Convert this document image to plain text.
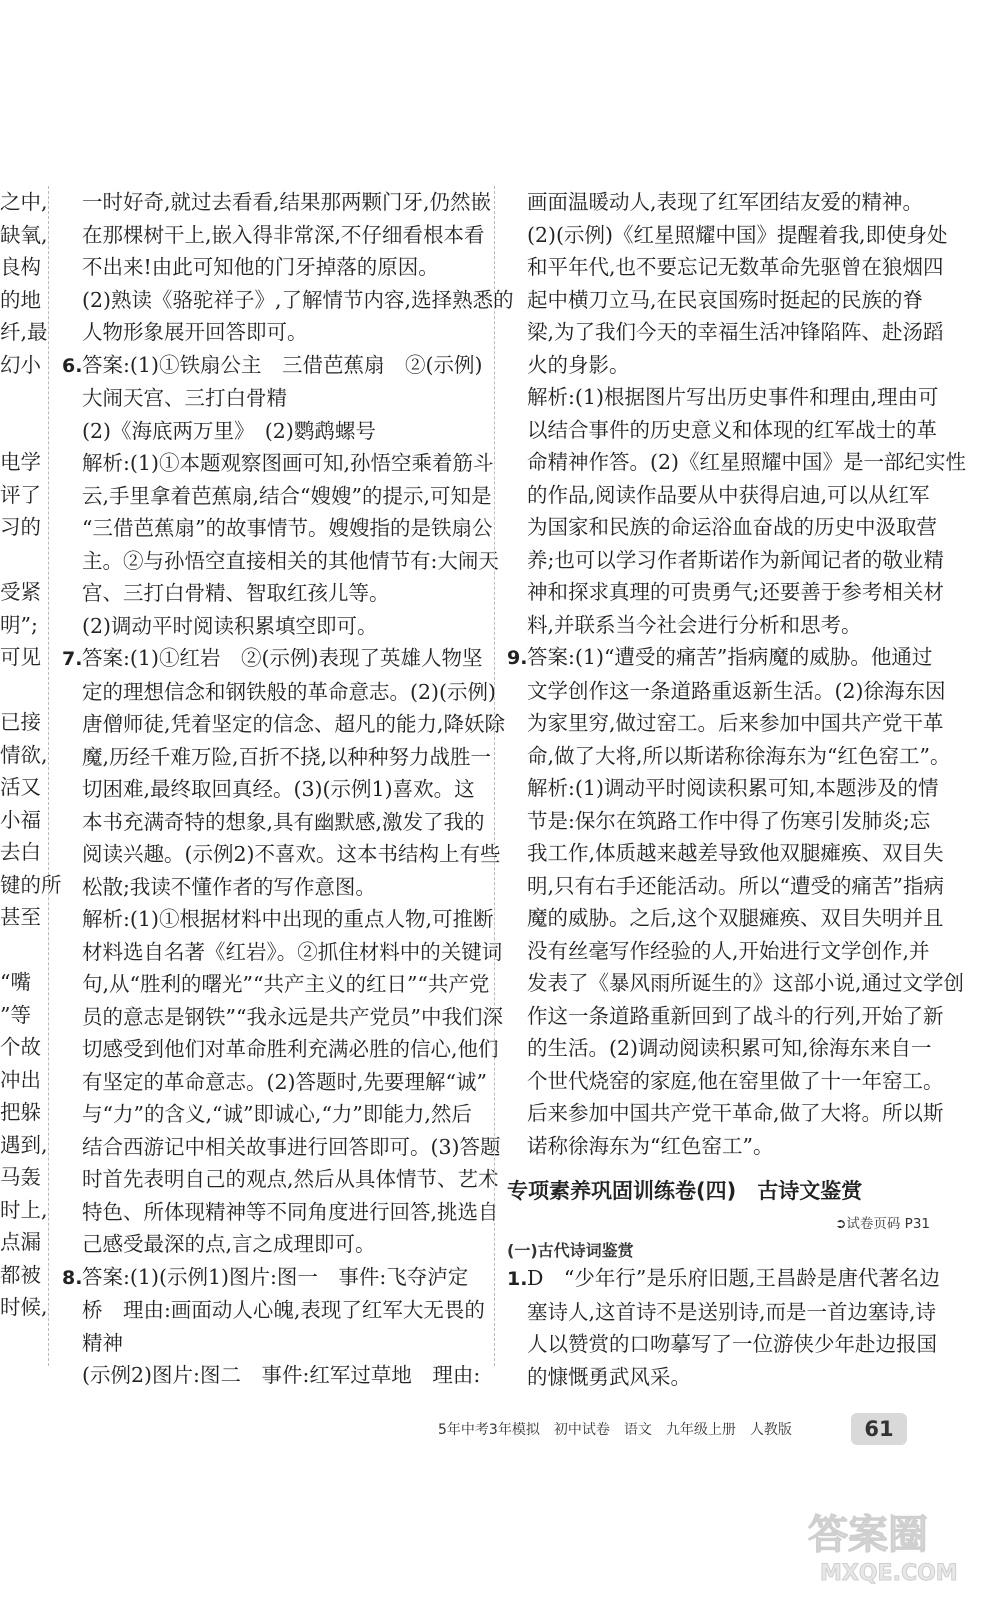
之中,

缺氧,

良构

的地

纤,最

幻小

电学

评了

习的

受紧

明”;

可见

已接

情欲,

活又

小福

去白

键的所

甚至

“嘴

”等

个故

冲出

把躲

遇到,

马轰

时上,

点漏

都被

时候,

一时好奇,就过去看看,结果那两颗门牙,仍然嵌

在那棵树干上,嵌入得非常深,不仔细看根本看

不出来!由此可知他的门牙掉落的原因。

(2)熟读《骆驼祥子》,了解情节内容,选择熟悉的

人物形象展开回答即可。

6.答案:(1)①铁扇公主　三借芭蕉扇　②(示例)

大闹天宫、三打白骨精

(2)《海底两万里》　(2)鹦鹉螺号

解析:(1)①本题观察图画可知,孙悟空乘着筋斗

云,手里拿着芭蕉扇,结合“嫂嫂”的提示,可知是

“三借芭蕉扇”的故事情节。嫂嫂指的是铁扇公

主。②与孙悟空直接相关的其他情节有:大闹天

宫、三打白骨精、智取红孩儿等。

(2)调动平时阅读积累填空即可。

7.答案:(1)①红岩　②(示例)表现了英雄人物坚

定的理想信念和钢铁般的革命意志。(2)(示例)

唐僧师徒,凭着坚定的信念、超凡的能力,降妖除

魔,历经千难万险,百折不挠,以种种努力战胜一

切困难,最终取回真经。(3)(示例1)喜欢。这

本书充满奇特的想象,具有幽默感,激发了我的

阅读兴趣。(示例2)不喜欢。这本书结构上有些

松散;我读不懂作者的写作意图。

解析:(1)①根据材料中出现的重点人物,可推断

材料选自名著《红岩》。②抓住材料中的关键词

句,从“胜利的曙光”“共产主义的红日”“共产党

员的意志是钢铁”“我永远是共产党员”中我们深

切感受到他们对革命胜利充满必胜的信心,他们

有坚定的革命意志。(2)答题时,先要理解“诚”

与“力”的含义,“诚”即诚心,“力”即能力,然后

结合西游记中相关故事进行回答即可。(3)答题

时首先表明自己的观点,然后从具体情节、艺术

特色、所体现精神等不同角度进行回答,挑选自

己感受最深的点,言之成理即可。

8.答案:(1)(示例1)图片:图一　事件:飞夺泸定

桥　理由:画面动人心魄,表现了红军大无畏的

精神

(示例2)图片:图二　事件:红军过草地　理由:

画面温暖动人,表现了红军团结友爱的精神。

(2)(示例)《红星照耀中国》提醒着我,即使身处

和平年代,也不要忘记无数革命先驱曾在狼烟四

起中横刀立马,在民哀国殇时挺起的民族的脊

梁,为了我们今天的幸福生活冲锋陷阵、赴汤蹈

火的身影。

解析:(1)根据图片写出历史事件和理由,理由可

以结合事件的历史意义和体现的红军战士的革

命精神作答。(2)《红星照耀中国》是一部纪实性

的作品,阅读作品要从中获得启迪,可以从红军

为国家和民族的命运浴血奋战的历史中汲取营

养;也可以学习作者斯诺作为新闻记者的敬业精

神和探求真理的可贵勇气;还要善于参考相关材

料,并联系当今社会进行分析和思考。

9.答案:(1)“遭受的痛苦”指病魔的威胁。他通过

文学创作这一条道路重返新生活。(2)徐海东因

为家里穷,做过窑工。后来参加中国共产党干革

命,做了大将,所以斯诺称徐海东为“红色窑工”。

解析:(1)调动平时阅读积累可知,本题涉及的情

节是:保尔在筑路工作中得了伤寒引发肺炎;忘

我工作,体质越来越差导致他双腿瘫痪、双目失

明,只有右手还能活动。所以“遭受的痛苦”指病

魔的威胁。之后,这个双腿瘫痪、双目失明并且

没有丝毫写作经验的人,开始进行文学创作,并

发表了《暴风雨所诞生的》这部小说,通过文学创

作这一条道路重新回到了战斗的行列,开始了新

的生活。(2)调动阅读积累可知,徐海东来自一

个世代烧窑的家庭,他在窑里做了十一年窑工。

后来参加中国共产党干革命,做了大将。所以斯

诺称徐海东为“红色窑工”。

专项素养巩固训练卷(四)　古诗文鉴赏
➲试卷页码 P31
(一)古代诗词鉴赏

1.D　“少年行”是乐府旧题,王昌龄是唐代著名边

塞诗人,这首诗不是送别诗,而是一首边塞诗,诗

人以赞赏的口吻摹写了一位游侠少年赴边报国

的慷慨勇武风采。

5年中考3年模拟　初中试卷　语文　九年级上册　人教版	61
答案圈
MXQE.COM
